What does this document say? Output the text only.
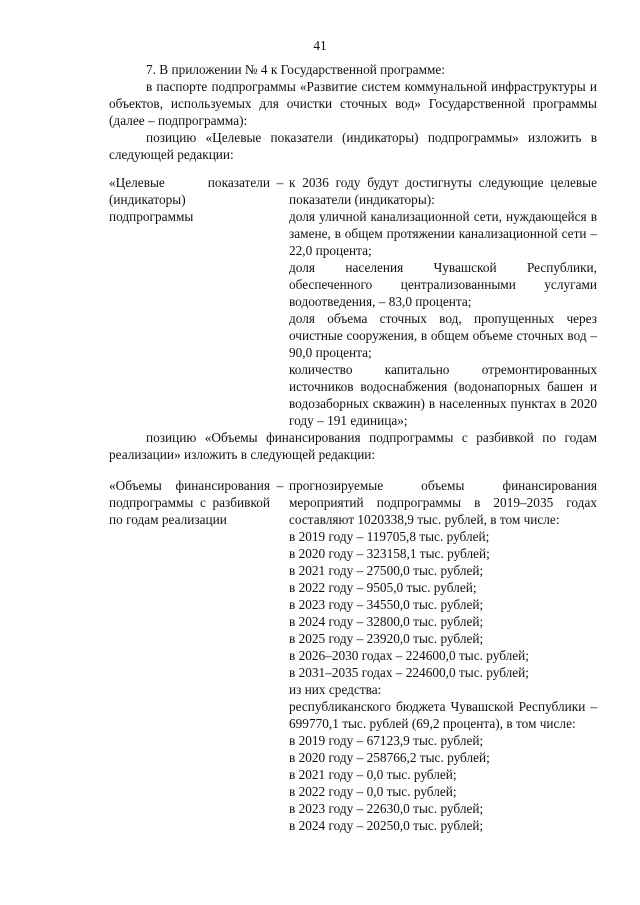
41

7. В приложении № 4 к Государственной программе:

в паспорте подпрограммы «Развитие систем коммунальной инфраструктуры и объектов, используемых для очистки сточных вод» Государственной программы (далее – подпрограмма):

позицию «Целевые показатели (индикаторы) подпрограммы» изложить в следующей редакции:

«Целевые показатели (индикаторы) подпрограммы
– к 2036 году будут достигнуты следующие целевые показатели (индикаторы):

доля уличной канализационной сети, нуждающейся в замене, в общем протяжении канализационной сети – 22,0 процента;

доля населения Чувашской Республики, обеспеченного централизованными услугами водоотведения, – 83,0 процента;

доля объема сточных вод, пропущенных через очистные сооружения, в общем объеме сточных вод – 90,0 процента;

количество капитально отремонтированных источников водоснабжения (водонапорных башен и водозаборных скважин) в населенных пунктах в 2020 году – 191 единица»;

позицию «Объемы финансирования подпрограммы с разбивкой по годам реализации» изложить в следующей редакции:

«Объемы финансирования подпрограммы с разбивкой по годам реализации
– прогнозируемые объемы финансирования мероприятий подпрограммы в 2019–2035 годах составляют 1020338,9 тыс. рублей, в том числе:

в 2019 году – 119705,8 тыс. рублей;

в 2020 году – 323158,1 тыс. рублей;

в 2021 году – 27500,0 тыс. рублей;

в 2022 году – 9505,0 тыс. рублей;

в 2023 году – 34550,0 тыс. рублей;

в 2024 году – 32800,0 тыс. рублей;

в 2025 году – 23920,0 тыс. рублей;

в 2026–2030 годах – 224600,0 тыс. рублей;

в 2031–2035 годах – 224600,0 тыс. рублей;

из них средства:

республиканского бюджета Чувашской Республики – 699770,1 тыс. рублей (69,2 процента), в том числе:

в 2019 году – 67123,9 тыс. рублей;

в 2020 году – 258766,2 тыс. рублей;

в 2021 году – 0,0 тыс. рублей;

в 2022 году – 0,0 тыс. рублей;

в 2023 году – 22630,0 тыс. рублей;

в 2024 году – 20250,0 тыс. рублей;
